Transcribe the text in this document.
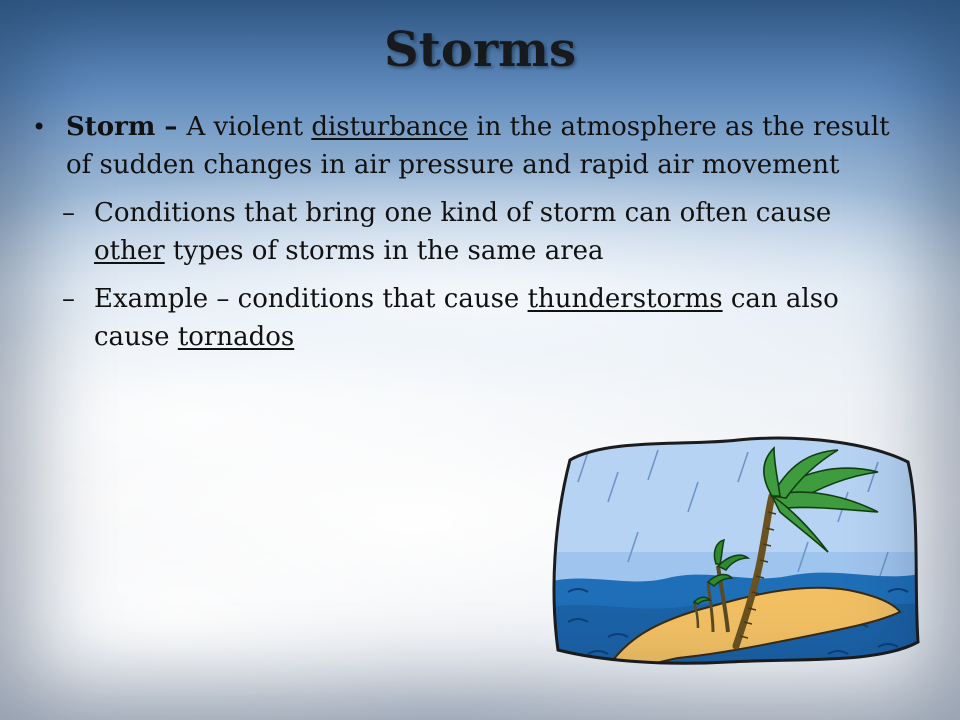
Storms
• Storm – A violent disturbance in the atmosphere as the result of sudden changes in air pressure and rapid air movement
– Conditions that bring one kind of storm can often cause other types of storms in the same area
– Example – conditions that cause thunderstorms can also cause tornados
